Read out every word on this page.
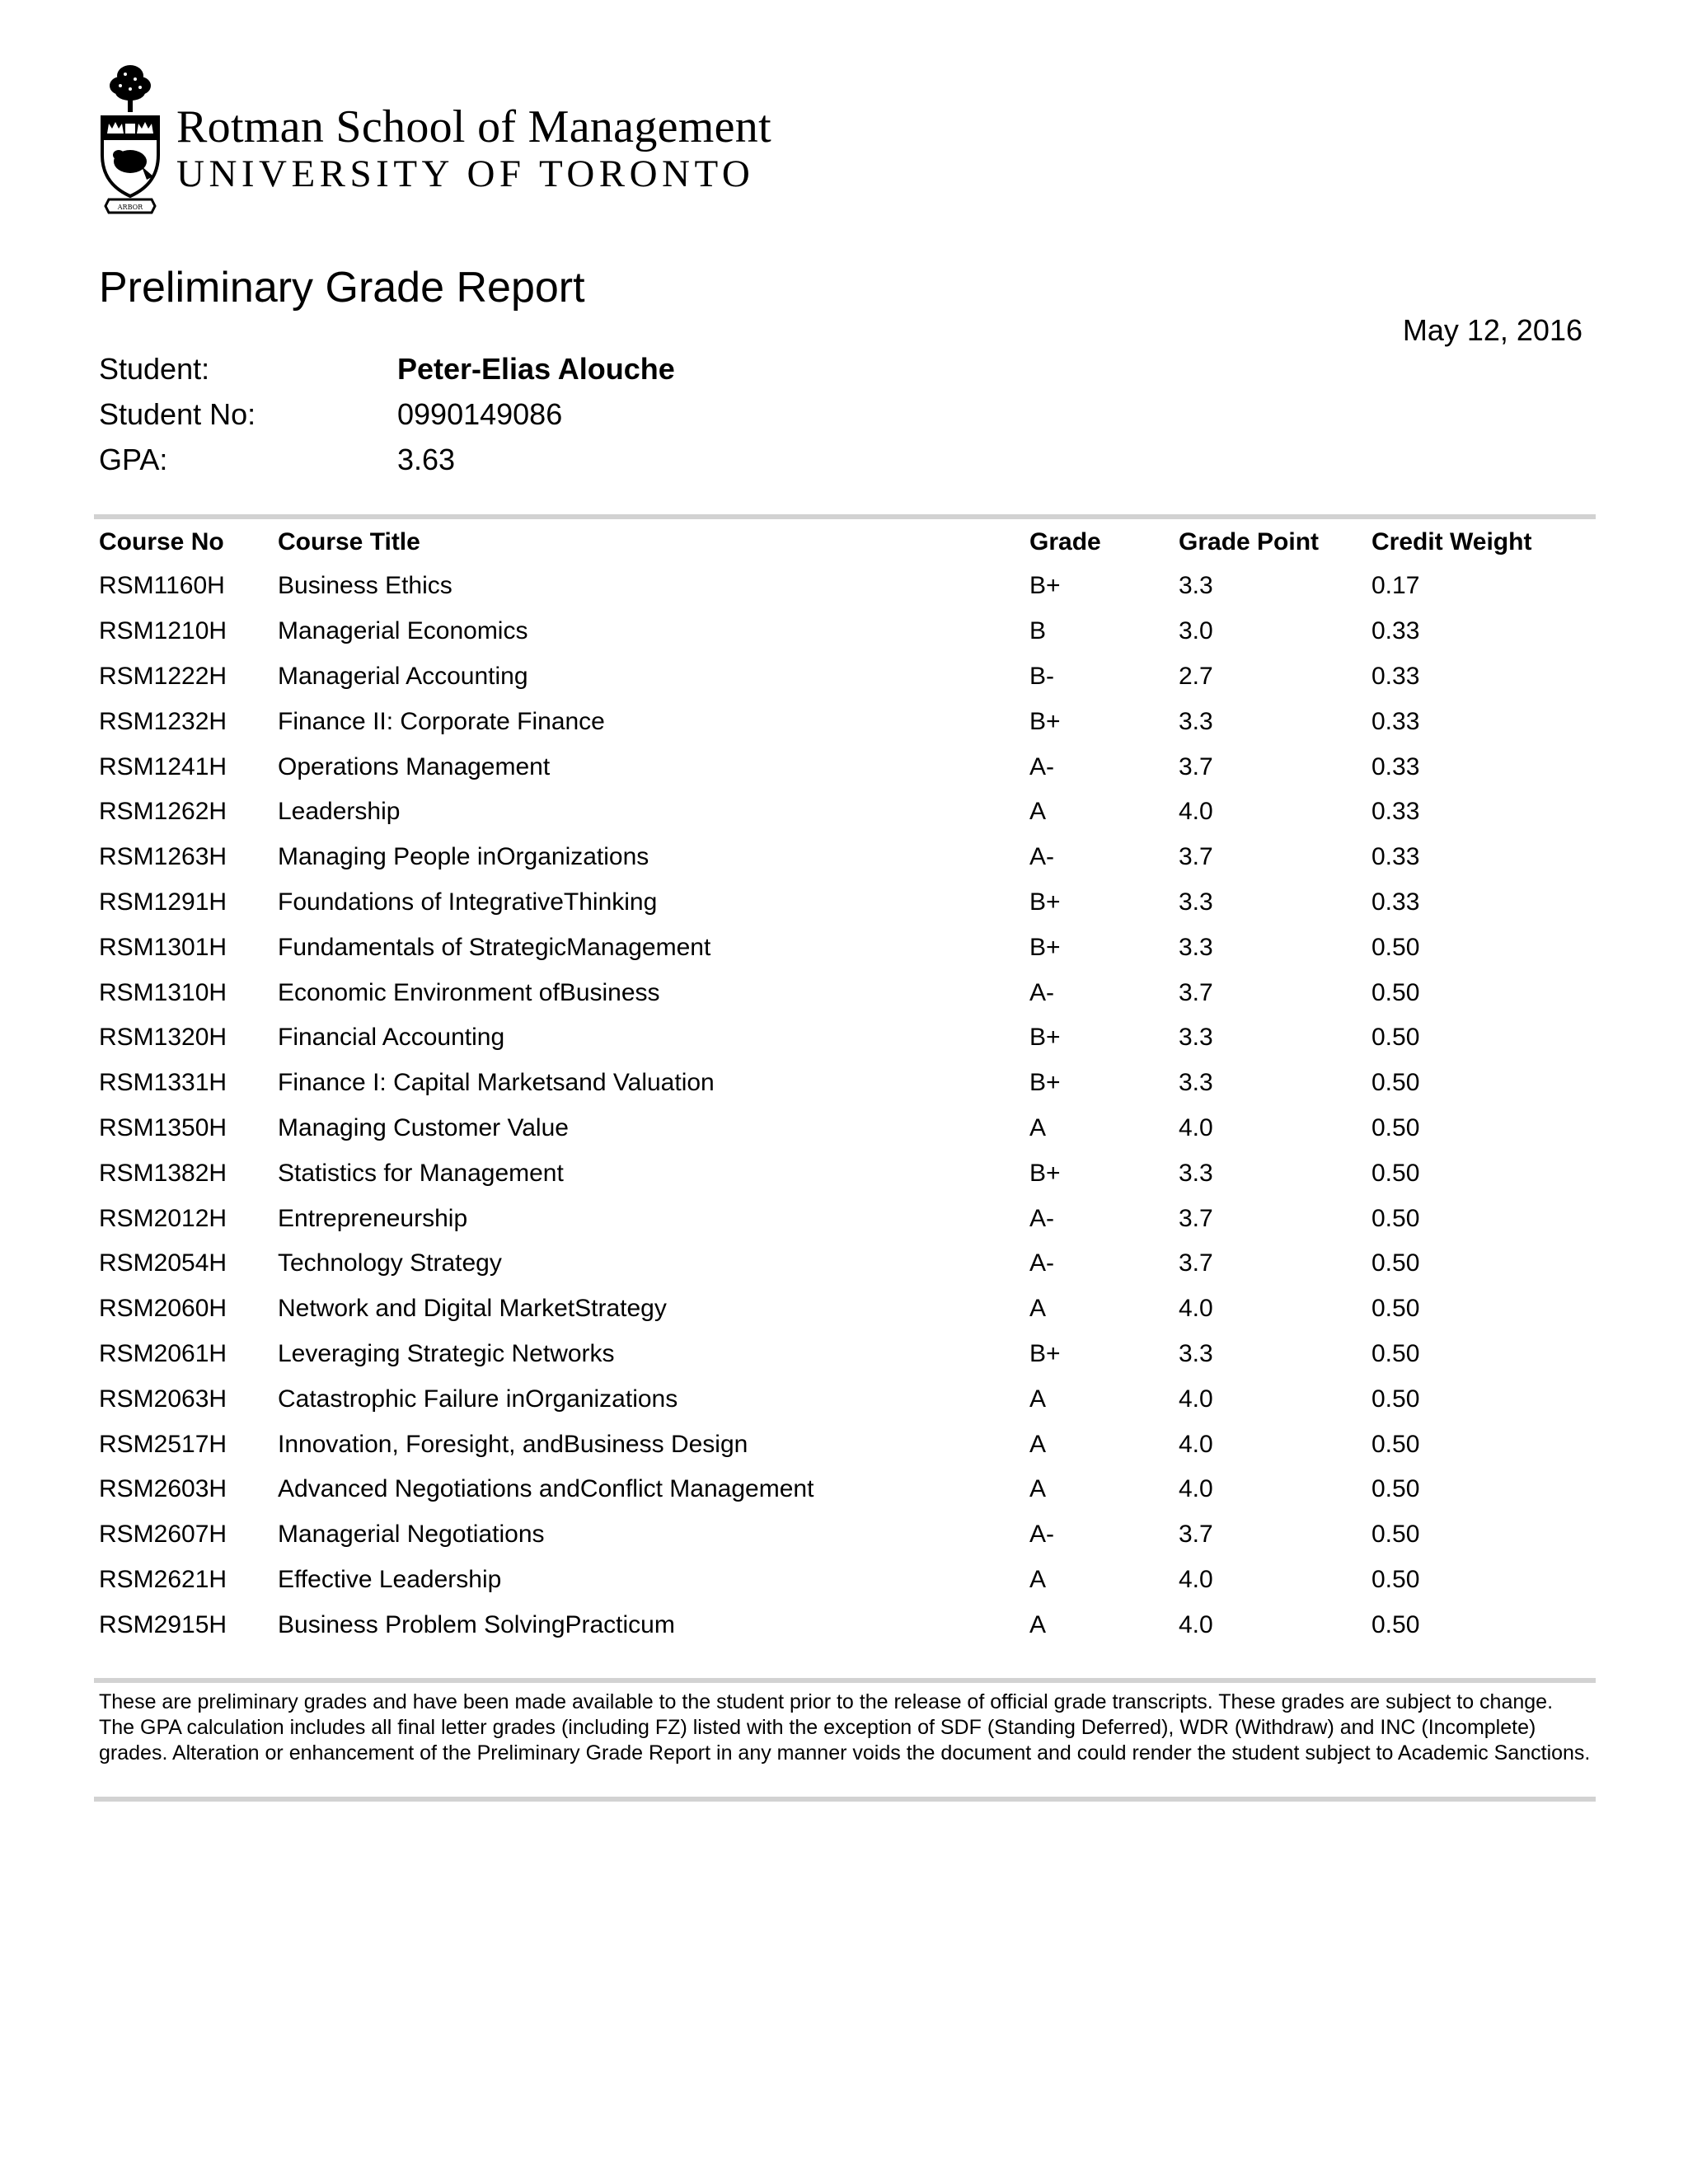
ARBOR
Rotman School of Management
UNIVERSITY OF TORONTO
Preliminary Grade Report
May 12, 2016
Student:	Peter-Elias Alouche
Student No:	0990149086
GPA:	3.63
Course No	Course Title	Grade	Grade Point	Credit Weight
RSM1160H	Business Ethics	B+	3.3	0.17
RSM1210H	Managerial Economics	B	3.0	0.33
RSM1222H	Managerial Accounting	B-	2.7	0.33
RSM1232H	Finance II: Corporate Finance	B+	3.3	0.33
RSM1241H	Operations Management	A-	3.7	0.33
RSM1262H	Leadership	A	4.0	0.33
RSM1263H	Managing People inOrganizations	A-	3.7	0.33
RSM1291H	Foundations of IntegrativeThinking	B+	3.3	0.33
RSM1301H	Fundamentals of StrategicManagement	B+	3.3	0.50
RSM1310H	Economic Environment ofBusiness	A-	3.7	0.50
RSM1320H	Financial Accounting	B+	3.3	0.50
RSM1331H	Finance I: Capital Marketsand Valuation	B+	3.3	0.50
RSM1350H	Managing Customer Value	A	4.0	0.50
RSM1382H	Statistics for Management	B+	3.3	0.50
RSM2012H	Entrepreneurship	A-	3.7	0.50
RSM2054H	Technology Strategy	A-	3.7	0.50
RSM2060H	Network and Digital MarketStrategy	A	4.0	0.50
RSM2061H	Leveraging Strategic Networks	B+	3.3	0.50
RSM2063H	Catastrophic Failure inOrganizations	A	4.0	0.50
RSM2517H	Innovation, Foresight, andBusiness Design	A	4.0	0.50
RSM2603H	Advanced Negotiations andConflict Management	A	4.0	0.50
RSM2607H	Managerial Negotiations	A-	3.7	0.50
RSM2621H	Effective Leadership	A	4.0	0.50
RSM2915H	Business Problem SolvingPracticum	A	4.0	0.50
These are preliminary grades and have been made available to the student prior to the release of official grade transcripts. These grades are subject to change. The GPA calculation includes all final letter grades (including FZ) listed with the exception of SDF (Standing Deferred), WDR (Withdraw) and INC (Incomplete) grades. Alteration or enhancement of the Preliminary Grade Report in any manner voids the document and could render the student subject to Academic Sanctions.
